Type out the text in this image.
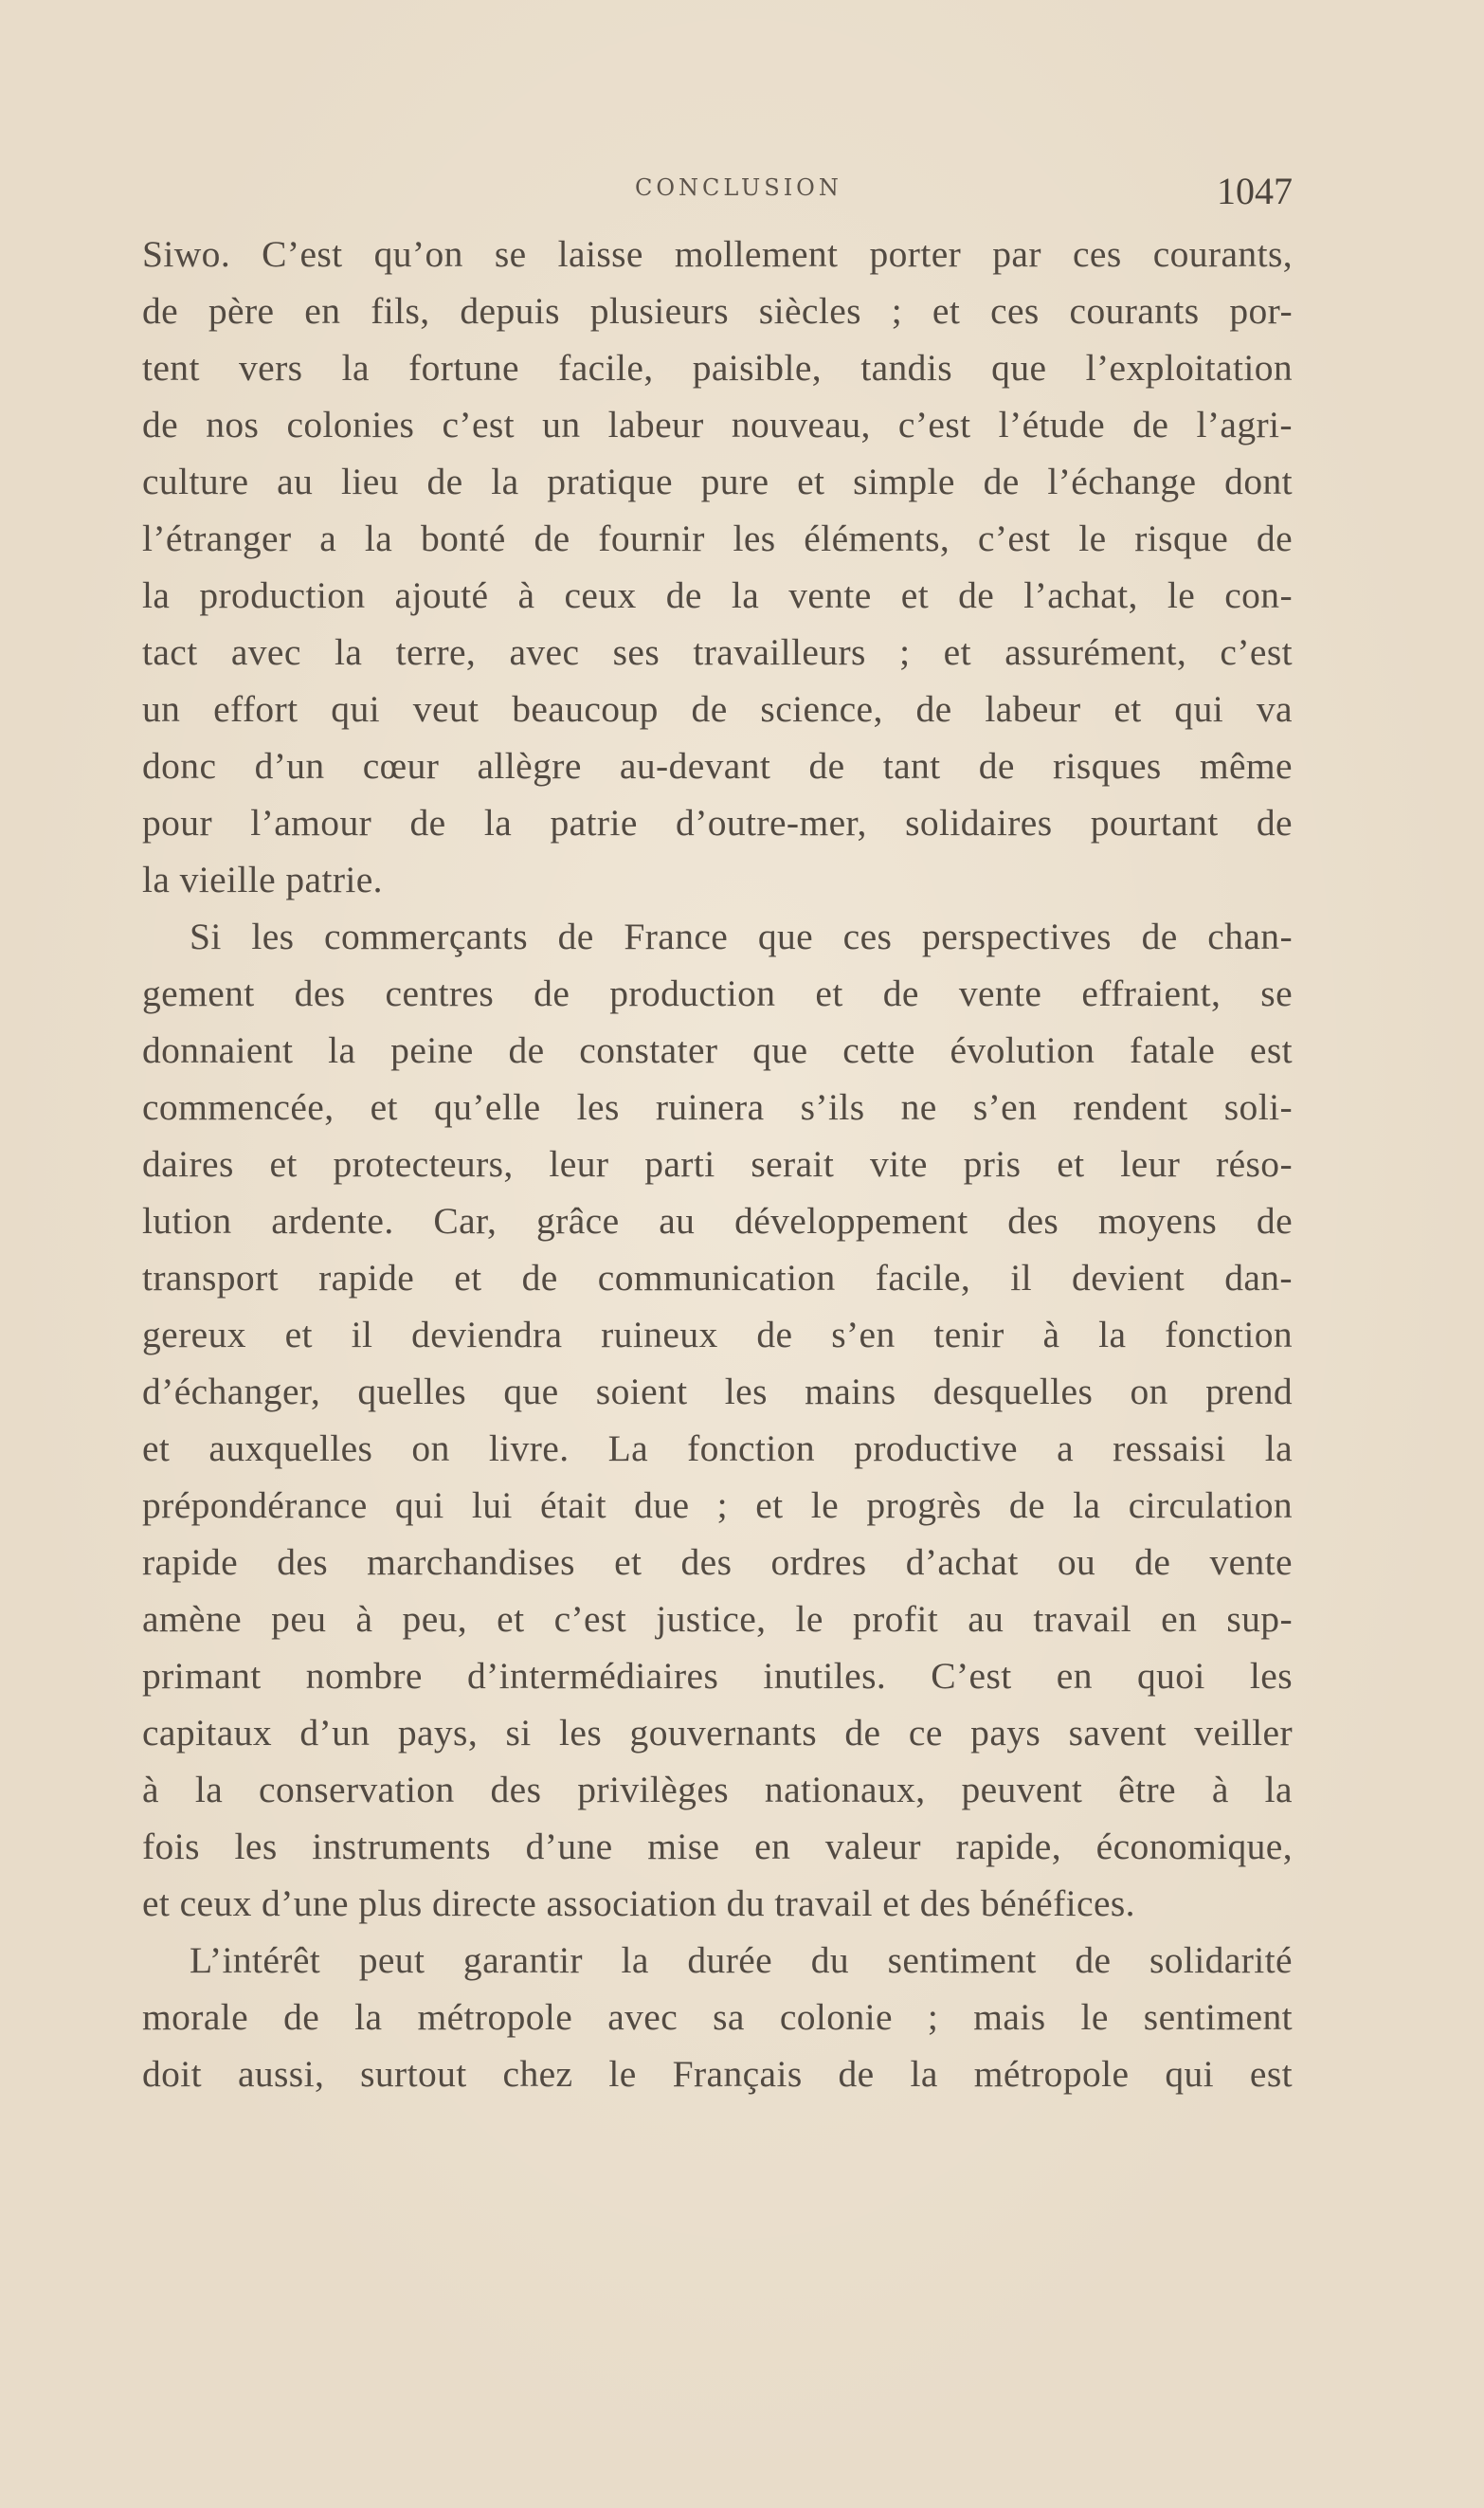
CONCLUSION	1047
Siwo. C’est qu’on se laisse mollement porter par ces courants,
de père en fils, depuis plusieurs siècles ; et ces courants por-
tent vers la fortune facile, paisible, tandis que l’exploitation
de nos colonies c’est un labeur nouveau, c’est l’étude de l’agri-
culture au lieu de la pratique pure et simple de l’échange dont
l’étranger a la bonté de fournir les éléments, c’est le risque de
la production ajouté à ceux de la vente et de l’achat, le con-
tact avec la terre, avec ses travailleurs ; et assurément, c’est
un effort qui veut beaucoup de science, de labeur et qui va
donc d’un cœur allègre au-devant de tant de risques même
pour l’amour de la patrie d’outre-mer, solidaires pourtant de
la vieille patrie.
Si les commerçants de France que ces perspectives de chan-
gement des centres de production et de vente effraient, se
donnaient la peine de constater que cette évolution fatale est
commencée, et qu’elle les ruinera s’ils ne s’en rendent soli-
daires et protecteurs, leur parti serait vite pris et leur réso-
lution ardente. Car, grâce au développement des moyens de
transport rapide et de communication facile, il devient dan-
gereux et il deviendra ruineux de s’en tenir à la fonction
d’échanger, quelles que soient les mains desquelles on prend
et auxquelles on livre. La fonction productive a ressaisi la
prépondérance qui lui était due ; et le progrès de la circulation
rapide des marchandises et des ordres d’achat ou de vente
amène peu à peu, et c’est justice, le profit au travail en sup-
primant nombre d’intermédiaires inutiles. C’est en quoi les
capitaux d’un pays, si les gouvernants de ce pays savent veiller
à la conservation des privilèges nationaux, peuvent être à la
fois les instruments d’une mise en valeur rapide, économique,
et ceux d’une plus directe association du travail et des bénéfices.
L’intérêt peut garantir la durée du sentiment de solidarité
morale de la métropole avec sa colonie ; mais le sentiment
doit aussi, surtout chez le Français de la métropole qui est
